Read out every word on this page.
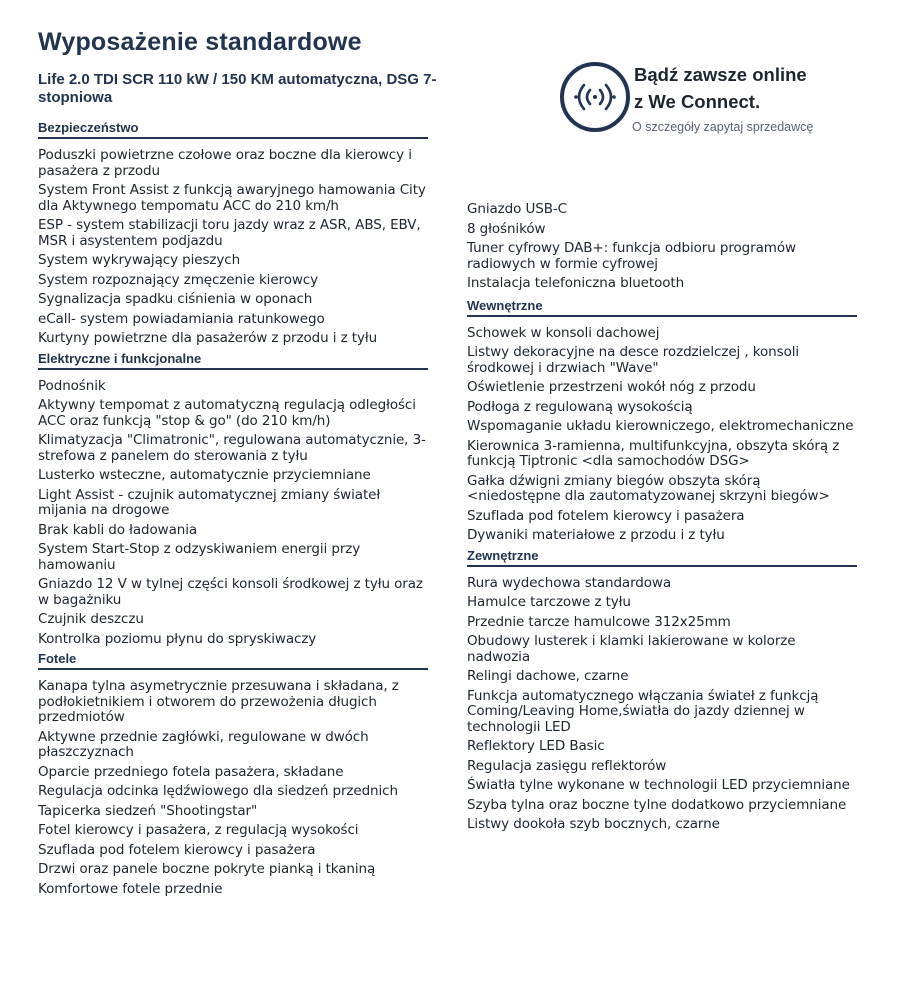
Wyposażenie standardowe
Life 2.0 TDI SCR 110 kW / 150 KM automatyczna, DSG 7-stopniowa
Bądź zawsze online
z We Connect.
O szczegóły zapytaj sprzedawcę
Bezpieczeństwo
Poduszki powietrzne czołowe oraz boczne dla kierowcy i pasażera z przodu
System Front Assist z funkcją awaryjnego hamowania City dla Aktywnego tempomatu ACC do 210 km/h
ESP - system stabilizacji toru jazdy wraz z ASR, ABS, EBV, MSR i asystentem podjazdu
System wykrywający pieszych
System rozpoznający zmęczenie kierowcy
Sygnalizacja spadku ciśnienia w oponach
eCall- system powiadamiania ratunkowego
Kurtyny powietrzne dla pasażerów z przodu i z tyłu
Elektryczne i funkcjonalne
Podnośnik
Aktywny tempomat z automatyczną regulacją odległości ACC oraz funkcją "stop & go" (do 210 km/h)
Klimatyzacja "Climatronic", regulowana automatycznie, 3-strefowa z panelem do sterowania z tyłu
Lusterko wsteczne, automatycznie przyciemniane
Light Assist - czujnik automatycznej zmiany świateł mijania na drogowe
Brak kabli do ładowania
System Start-Stop z odzyskiwaniem energii przy hamowaniu
Gniazdo 12 V w tylnej części konsoli środkowej z tyłu oraz w bagażniku
Czujnik deszczu
Kontrolka poziomu płynu do spryskiwaczy
Fotele
Kanapa tylna asymetrycznie przesuwana i składana, z podłokietnikiem i otworem do przewożenia długich przedmiotów
Aktywne przednie zagłówki, regulowane w dwóch płaszczyznach
Oparcie przedniego fotela pasażera, składane
Regulacja odcinka lędźwiowego dla siedzeń przednich
Tapicerka siedzeń "Shootingstar"
Fotel kierowcy i pasażera, z regulacją wysokości
Szuflada pod fotelem kierowcy i pasażera
Drzwi oraz panele boczne pokryte pianką i tkaniną
Komfortowe fotele przednie
Gniazdo USB-C
8 głośników
Tuner cyfrowy DAB+: funkcja odbioru programów radiowych w formie cyfrowej
Instalacja telefoniczna bluetooth
Wewnętrzne
Schowek w konsoli dachowej
Listwy dekoracyjne na desce rozdzielczej , konsoli środkowej i drzwiach "Wave"
Oświetlenie przestrzeni wokół nóg z przodu
Podłoga z regulowaną wysokością
Wspomaganie układu kierowniczego, elektromechaniczne
Kierownica 3-ramienna, multifunkcyjna, obszyta skórą z funkcją Tiptronic <dla samochodów DSG>
Gałka dźwigni zmiany biegów obszyta skórą <niedostępne dla zautomatyzowanej skrzyni biegów>
Szuflada pod fotelem kierowcy i pasażera
Dywaniki materiałowe z przodu i z tyłu
Zewnętrzne
Rura wydechowa standardowa
Hamulce tarczowe z tyłu
Przednie tarcze hamulcowe 312x25mm
Obudowy lusterek i klamki lakierowane w kolorze nadwozia
Relingi dachowe, czarne
Funkcja automatycznego włączania świateł z funkcją Coming/Leaving Home,światła do jazdy dziennej w technologii LED
Reflektory LED Basic
Regulacja zasięgu reflektorów
Światła tylne wykonane w technologii LED przyciemniane
Szyba tylna oraz boczne tylne dodatkowo przyciemniane
Listwy dookoła szyb bocznych, czarne
